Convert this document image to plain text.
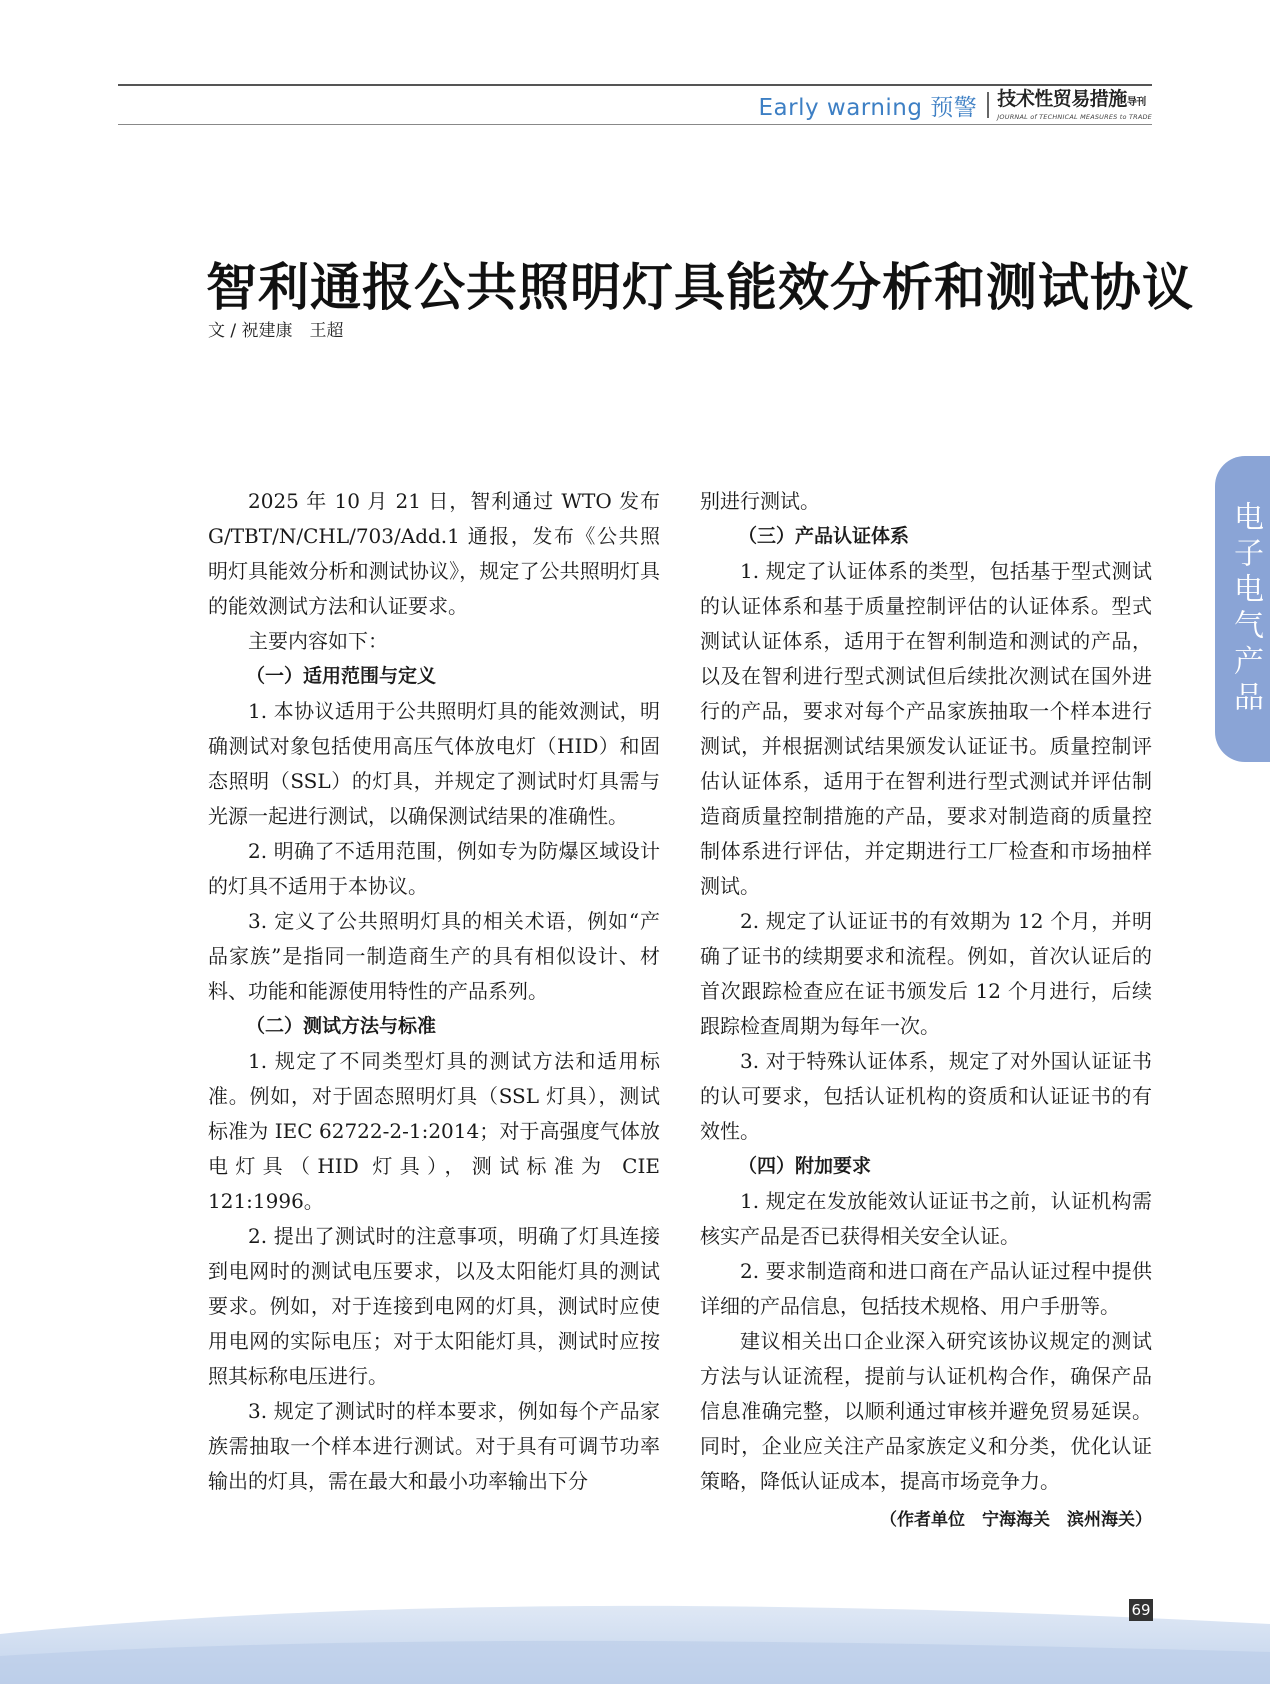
Early warning 预警 技术性贸易措施导刊
JOURNAL of TECHNICAL MEASURES to TRADE
智利通报公共照明灯具能效分析和测试协议
文 / 祝建康　王超

2025 年 10 月 21 日，智利通过 WTO 发布 G/TBT/N/CHL/703/Add.1 通报，发布《公共照明灯具能效分析和测试协议》，规定了公共照明灯具的能效测试方法和认证要求。

主要内容如下：

（一）适用范围与定义

1. 本协议适用于公共照明灯具的能效测试，明确测试对象包括使用高压气体放电灯（HID）和固态照明（SSL）的灯具，并规定了测试时灯具需与光源一起进行测试，以确保测试结果的准确性。

2. 明确了不适用范围，例如专为防爆区域设计的灯具不适用于本协议。

3. 定义了公共照明灯具的相关术语，例如“产品家族”是指同一制造商生产的具有相似设计、材料、功能和能源使用特性的产品系列。

（二）测试方法与标准

1. 规定了不同类型灯具的测试方法和适用标准。例如，对于固态照明灯具（SSL 灯具），测试标准为 IEC 62722-2-1:2014；对于高强度气体放电灯具（HID 灯具），测试标准为 CIE 121:1996。

2. 提出了测试时的注意事项，明确了灯具连接到电网时的测试电压要求，以及太阳能灯具的测试要求。例如，对于连接到电网的灯具，测试时应使用电网的实际电压；对于太阳能灯具，测试时应按照其标称电压进行。

3. 规定了测试时的样本要求，例如每个产品家族需抽取一个样本进行测试。对于具有可调节功率输出的灯具，需在最大和最小功率输出下分

别进行测试。

（三）产品认证体系

1. 规定了认证体系的类型，包括基于型式测试的认证体系和基于质量控制评估的认证体系。型式测试认证体系，适用于在智利制造和测试的产品，以及在智利进行型式测试但后续批次测试在国外进行的产品，要求对每个产品家族抽取一个样本进行测试，并根据测试结果颁发认证证书。质量控制评估认证体系，适用于在智利进行型式测试并评估制造商质量控制措施的产品，要求对制造商的质量控制体系进行评估，并定期进行工厂检查和市场抽样测试。

2. 规定了认证证书的有效期为 12 个月，并明确了证书的续期要求和流程。例如，首次认证后的首次跟踪检查应在证书颁发后 12 个月进行，后续跟踪检查周期为每年一次。

3. 对于特殊认证体系，规定了对外国认证证书的认可要求，包括认证机构的资质和认证证书的有效性。

（四）附加要求

1. 规定在发放能效认证证书之前，认证机构需核实产品是否已获得相关安全认证。

2. 要求制造商和进口商在产品认证过程中提供详细的产品信息，包括技术规格、用户手册等。

建议相关出口企业深入研究该协议规定的测试方法与认证流程，提前与认证机构合作，确保产品信息准确完整，以顺利通过审核并避免贸易延误。同时，企业应关注产品家族定义和分类，优化认证策略，降低认证成本，提高市场竞争力。

（作者单位　宁海海关　滨州海关）

电子电气产品
69
